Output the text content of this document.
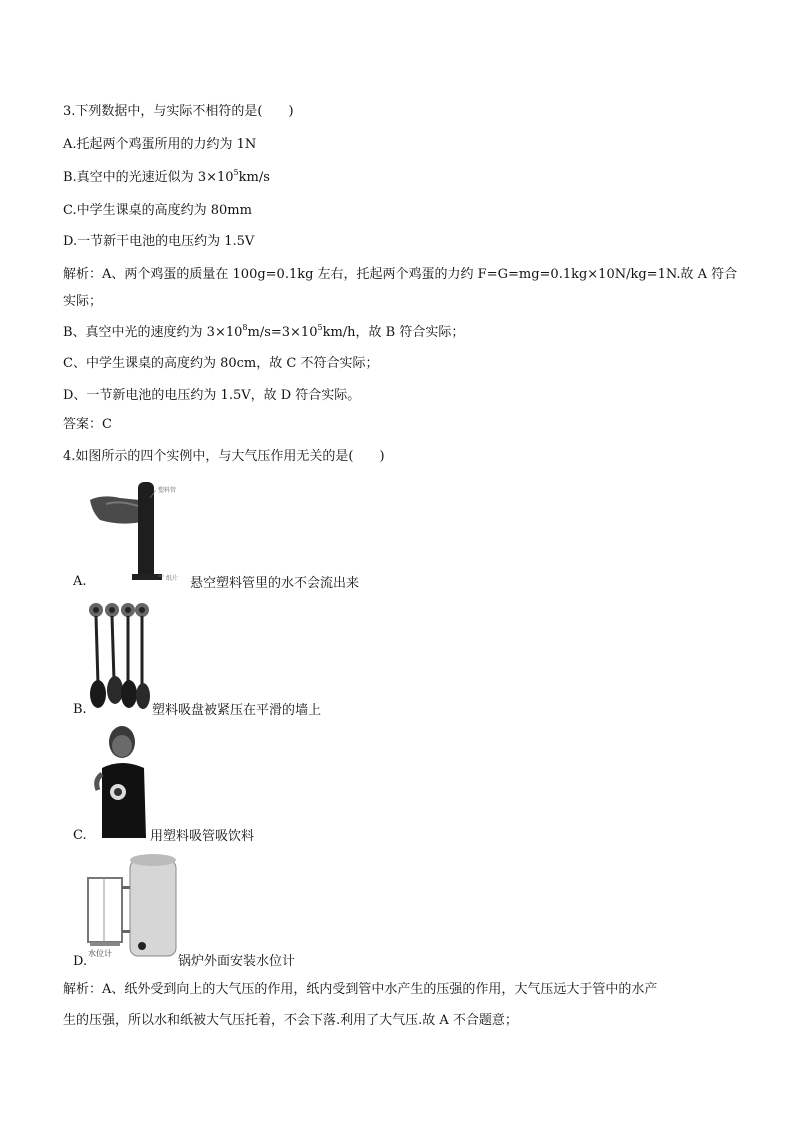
3.下列数据中，与实际不相符的是(　　)
A.托起两个鸡蛋所用的力约为 1N
B.真空中的光速近似为 $3\times 10^5km/s$
C.中学生课桌的高度约为 80mm
D.一节新干电池的电压约为 1.5V
解析：A、两个鸡蛋的质量在 100g=0.1kg 左右，托起两个鸡蛋的力约 F=G=mg=0.1kg×10N/kg=1N.故 A 符合
实际；
B、真空中光的速度约为 $3\times 10^8m/s=3\times 10^5km/h$，故 B 符合实际；
C、中学生课桌的高度约为 80cm，故 C 不符合实际；
D、一节新电池的电压约为 1.5V，故 D 符合实际。
答案：C
4.如图所示的四个实例中，与大气压作用无关的是(　　)
塑料管
纸片
A.	悬空塑料管里的水不会流出来
B.	塑料吸盘被紧压在平滑的墙上
C.	用塑料吸管吸饮料
水位计
D.	锅炉外面安装水位计
解析：A、纸外受到向上的大气压的作用，纸内受到管中水产生的压强的作用，大气压远大于管中的水产
生的压强，所以水和纸被大气压托着，不会下落.利用了大气压.故 A 不合题意；
